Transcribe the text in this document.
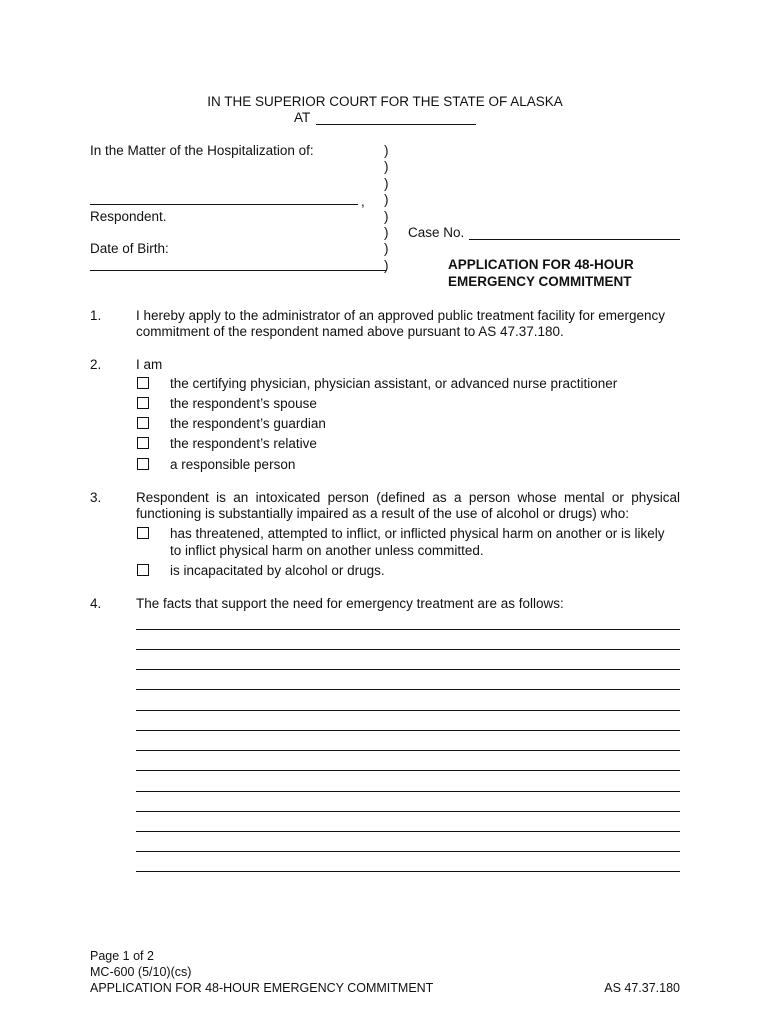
IN THE SUPERIOR COURT FOR THE STATE OF ALASKA
AT
In the Matter of the Hospitalization of:
,
Respondent.
Date of Birth:
)
)
)
)
)
)
)
)
Case No.
APPLICATION FOR 48-HOUR
EMERGENCY COMMITMENT
1.	I hereby apply to the administrator of an approved public treatment facility for emergency
commitment of the respondent named above pursuant to AS 47.37.180.
2.	I am
the certifying physician, physician assistant, or advanced nurse practitioner
the respondent’s spouse
the respondent’s guardian
the respondent’s relative
a responsible person
3.	Respondent is an intoxicated person (defined as a person whose mental or physical
functioning is substantially impaired as a result of the use of alcohol or drugs) who:
has threatened, attempted to inflict, or inflicted physical harm on another or is likely
to inflict physical harm on another unless committed.
is incapacitated by alcohol or drugs.
4.	The facts that support the need for emergency treatment are as follows:
Page 1 of 2
MC-600 (5/10)(cs)
APPLICATION FOR 48-HOUR EMERGENCY COMMITMENT	AS 47.37.180
